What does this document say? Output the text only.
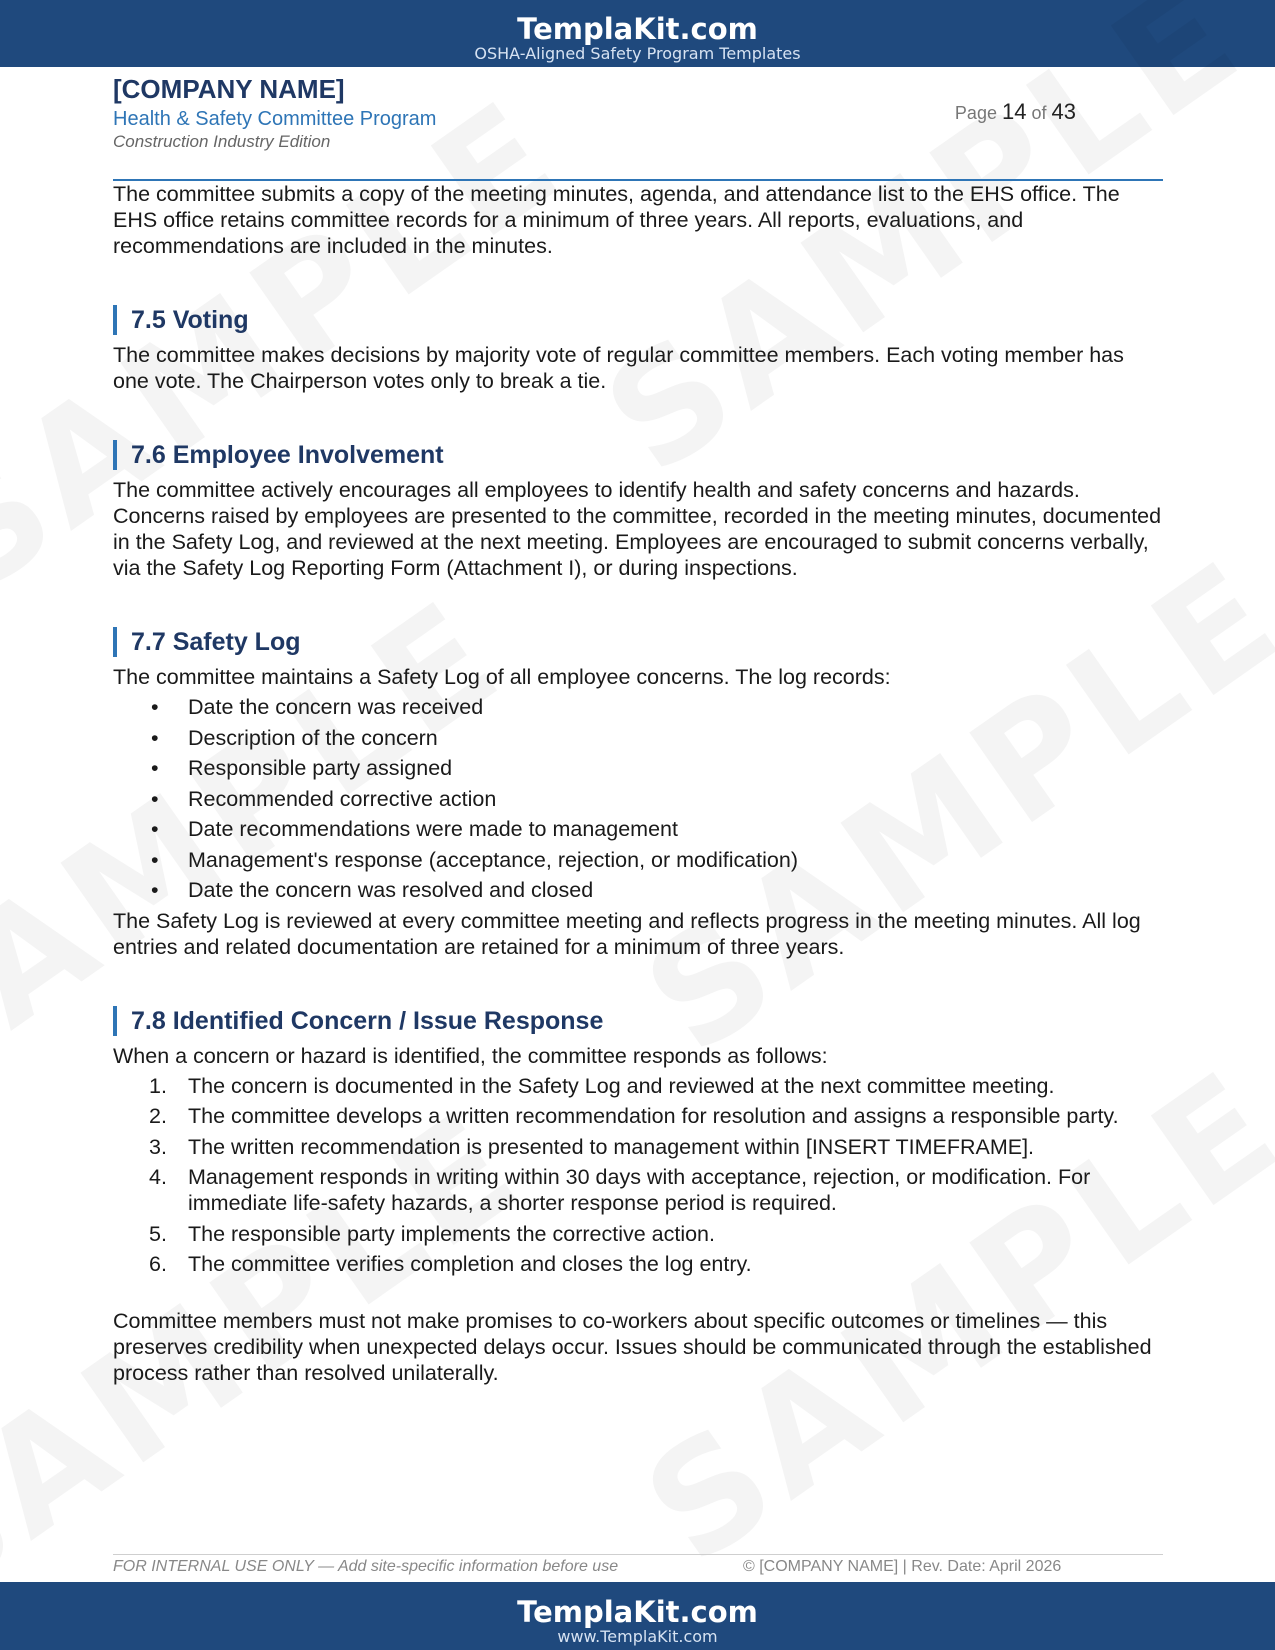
TemplaKit.com
OSHA-Aligned Safety Program Templates
[COMPANY NAME]
Health & Safety Committee Program
Construction Industry Edition
Page 14 of 43

The committee submits a copy of the meeting minutes, agenda, and attendance list to the EHS office. The EHS office retains committee records for a minimum of three years. All reports, evaluations, and recommendations are included in the minutes.

7.5 Voting

The committee makes decisions by majority vote of regular committee members. Each voting member has one vote. The Chairperson votes only to break a tie.

7.6 Employee Involvement

The committee actively encourages all employees to identify health and safety concerns and hazards. Concerns raised by employees are presented to the committee, recorded in the meeting minutes, documented in the Safety Log, and reviewed at the next meeting. Employees are encouraged to submit concerns verbally, via the Safety Log Reporting Form (Attachment I), or during inspections.

7.7 Safety Log

The committee maintains a Safety Log of all employee concerns. The log records:

• Date the concern was received
• Description of the concern
• Responsible party assigned
• Recommended corrective action
• Date recommendations were made to management
• Management's response (acceptance, rejection, or modification)
• Date the concern was resolved and closed

The Safety Log is reviewed at every committee meeting and reflects progress in the meeting minutes. All log entries and related documentation are retained for a minimum of three years.

7.8 Identified Concern / Issue Response

When a concern or hazard is identified, the committee responds as follows:

1. The concern is documented in the Safety Log and reviewed at the next committee meeting.
2. The committee develops a written recommendation for resolution and assigns a responsible party.
3. The written recommendation is presented to management within [INSERT TIMEFRAME].
4. Management responds in writing within 30 days with acceptance, rejection, or modification. For immediate life-safety hazards, a shorter response period is required.
5. The responsible party implements the corrective action.
6. The committee verifies completion and closes the log entry.

Committee members must not make promises to co-workers about specific outcomes or timelines — this preserves credibility when unexpected delays occur. Issues should be communicated through the established process rather than resolved unilaterally.

FOR INTERNAL USE ONLY — Add site-specific information before use	© [COMPANY NAME] | Rev. Date: April 2026
TemplaKit.com
www.TemplaKit.com
